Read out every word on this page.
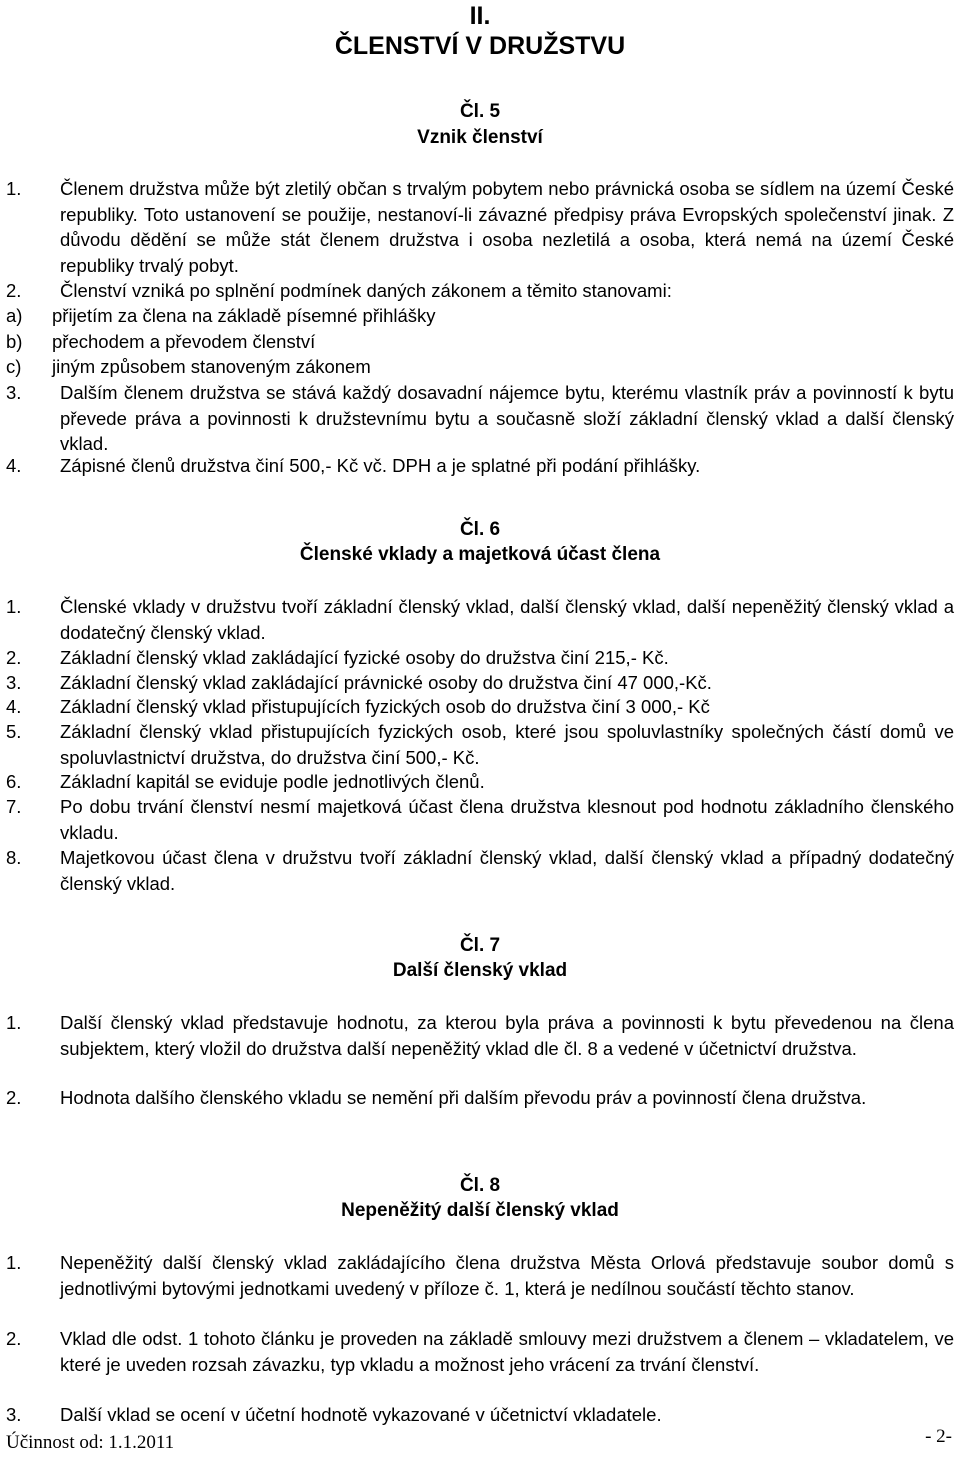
II.
ČLENSTVÍ V DRUŽSTVU
Čl. 5
Vznik členství
1.	Členem družstva může být zletilý občan s trvalým pobytem nebo právnická osoba se sídlem na území České republiky. Toto ustanovení se použije, nestanoví-li závazné předpisy práva Evropských společenství jinak. Z důvodu dědění se může stát členem družstva i osoba nezletilá a osoba, která nemá na území České republiky trvalý pobyt.
2.	Členství vzniká po splnění podmínek daných zákonem a těmito stanovami:
a)	přijetím za člena na základě písemné přihlášky
b)	přechodem a převodem členství
c)	jiným způsobem stanoveným zákonem
3.	Dalším členem družstva se stává každý dosavadní nájemce bytu, kterému vlastník práv a povinností k bytu převede práva a povinnosti k družstevnímu bytu a současně složí základní členský vklad a další členský vklad.
4.	Zápisné členů družstva činí 500,- Kč vč. DPH a je splatné při podání přihlášky.
Čl. 6
Členské vklady a majetková účast člena
1.	Členské vklady v družstvu tvoří základní členský vklad, další členský vklad, další nepeněžitý členský vklad a dodatečný členský vklad.
2.	Základní členský vklad zakládající fyzické osoby do družstva činí 215,- Kč.
3.	Základní členský vklad zakládající právnické osoby do družstva činí 47 000,-Kč.
4.	Základní členský vklad přistupujících fyzických osob do družstva činí 3 000,- Kč
5.	Základní členský vklad přistupujících fyzických osob, které jsou spoluvlastníky společných částí domů ve spoluvlastnictví družstva, do družstva činí 500,- Kč.
6.	Základní kapitál se eviduje podle jednotlivých členů.
7.	Po dobu trvání členství nesmí majetková účast člena družstva klesnout pod hodnotu základního členského vkladu.
8.	Majetkovou účast člena v družstvu tvoří základní členský vklad, další členský vklad a případný dodatečný členský vklad.
Čl. 7
Další členský vklad
1.	Další členský vklad představuje hodnotu, za kterou byla práva a povinnosti k bytu převedenou na člena subjektem, který vložil do družstva další nepeněžitý vklad dle čl. 8 a vedené v účetnictví družstva.
2.	Hodnota dalšího členského vkladu se nemění při dalším převodu práv a povinností člena družstva.
Čl. 8
Nepeněžitý další členský vklad
1.	Nepeněžitý další členský vklad zakládajícího člena družstva Města Orlová představuje soubor domů s jednotlivými bytovými jednotkami uvedený v příloze č. 1, která je nedílnou součástí těchto stanov.
2.	Vklad dle odst. 1 tohoto článku je proveden na základě smlouvy mezi družstvem a členem – vkladatelem, ve které je uveden rozsah závazku, typ vkladu a možnost jeho vrácení za trvání členství.
3.	Další vklad se ocení v účetní hodnotě vykazované v účetnictví vkladatele.
Účinnost od: 1.1.2011	- 2-
